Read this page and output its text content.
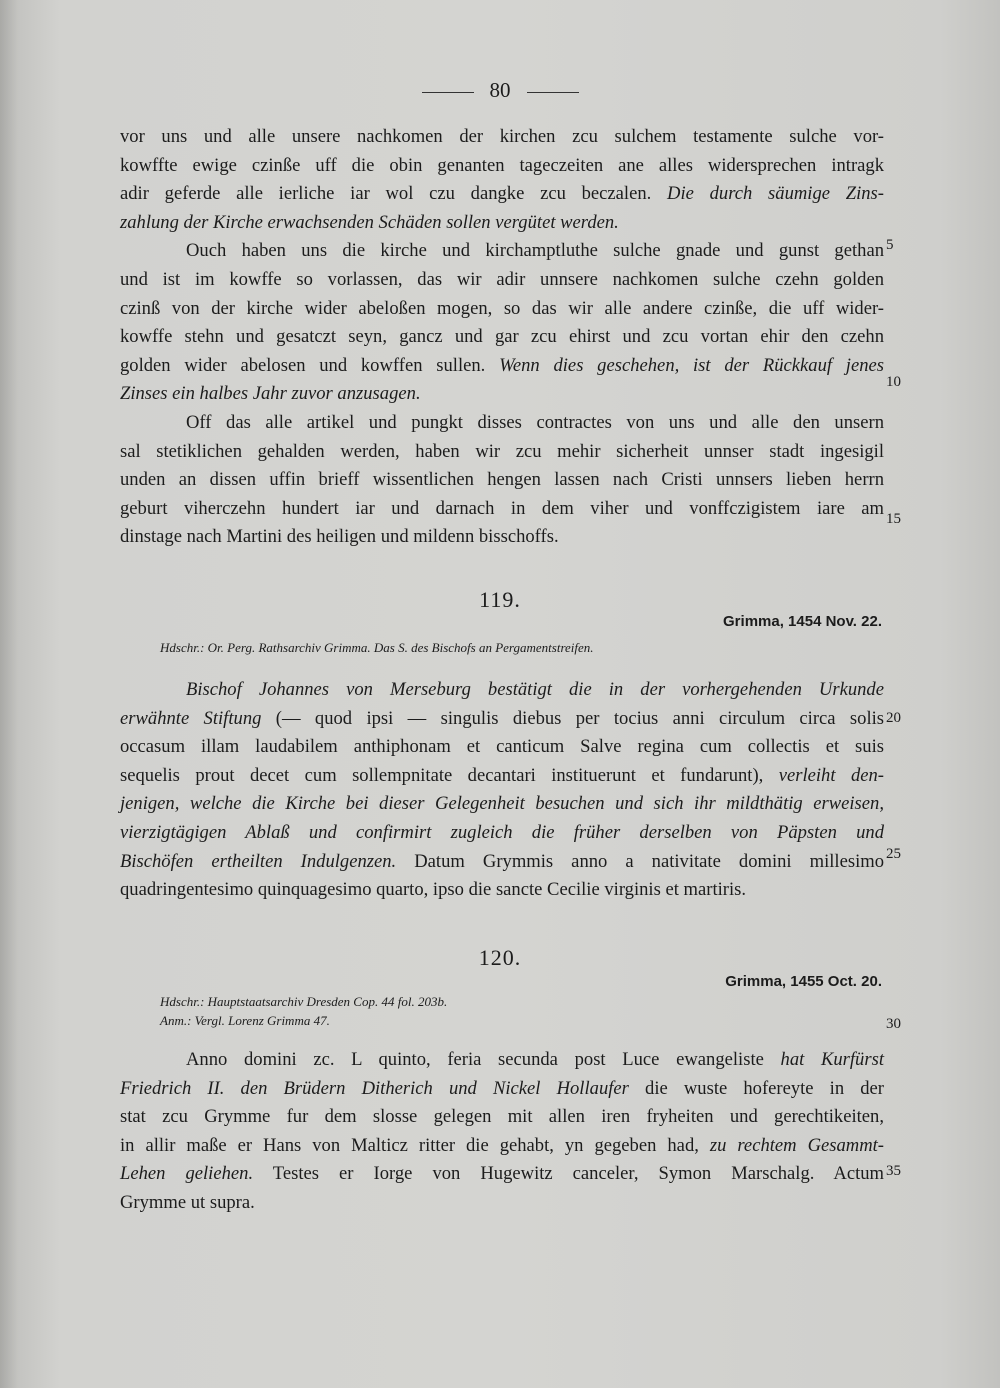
80
vor uns und alle unsere nachkomen der kirchen zcu sulchem testamente sulche vor-
kowffte ewige czinße uff die obin genanten tageczeiten ane alles widersprechen intragk
adir geferde alle ierliche iar wol czu dangke zcu beczalen. Die durch säumige Zins-
zahlung der Kirche erwachsenden Schäden sollen vergütet werden.
Ouch haben uns die kirche und kirchamptluthe sulche gnade und gunst gethan
und ist im kowffe so vorlassen, das wir adir unnsere nachkomen sulche czehn golden
czinß von der kirche wider abeloßen mogen, so das wir alle andere czinße, die uff wider-
kowffe stehn und gesatczt seyn, gancz und gar zcu ehirst und zcu vortan ehir den czehn
golden wider abelosen und kowffen sullen. Wenn dies geschehen, ist der Rückkauf jenes
Zinses ein halbes Jahr zuvor anzusagen.
Off das alle artikel und pungkt disses contractes von uns und alle den unsern
sal stetiklichen gehalden werden, haben wir zcu mehir sicherheit unnser stadt ingesigil
unden an dissen uffin brieff wissentlichen hengen lassen nach Cristi unnsers lieben herrn
geburt viherczehn hundert iar und darnach in dem viher und vonffczigistem iare am
dinstage nach Martini des heiligen und mildenn bisschoffs.
119.
Grimma, 1454 Nov. 22.
Hdschr.: Or. Perg. Rathsarchiv Grimma. Das S. des Bischofs an Pergamentstreifen.
Bischof Johannes von Merseburg bestätigt die in der vorhergehenden Urkunde
erwähnte Stiftung (— quod ipsi — singulis diebus per tocius anni circulum circa solis
occasum illam laudabilem anthiphonam et canticum Salve regina cum collectis et suis
sequelis prout decet cum sollempnitate decantari instituerunt et fundarunt), verleiht den-
jenigen, welche die Kirche bei dieser Gelegenheit besuchen und sich ihr mildthätig erweisen,
vierzigtägigen Ablaß und confirmirt zugleich die früher derselben von Päpsten und
Bischöfen ertheilten Indulgenzen. Datum Grymmis anno a nativitate domini millesimo
quadringentesimo quinquagesimo quarto, ipso die sancte Cecilie virginis et martiris.
120.
Grimma, 1455 Oct. 20.
Hdschr.: Hauptstaatsarchiv Dresden Cop. 44 fol. 203b.
Anm.: Vergl. Lorenz Grimma 47.
Anno domini zc. L quinto, feria secunda post Luce ewangeliste hat Kurfürst
Friedrich II. den Brüdern Ditherich und Nickel Hollaufer die wuste hofereyte in der
stat zcu Grymme fur dem slosse gelegen mit allen iren fryheiten und gerechtikeiten,
in allir maße er Hans von Malticz ritter die gehabt, yn gegeben had, zu rechtem Gesammt-
Lehen geliehen. Testes er Iorge von Hugewitz canceler, Symon Marschalg. Actum
Grymme ut supra.
5
10
15
20
25
30
35
